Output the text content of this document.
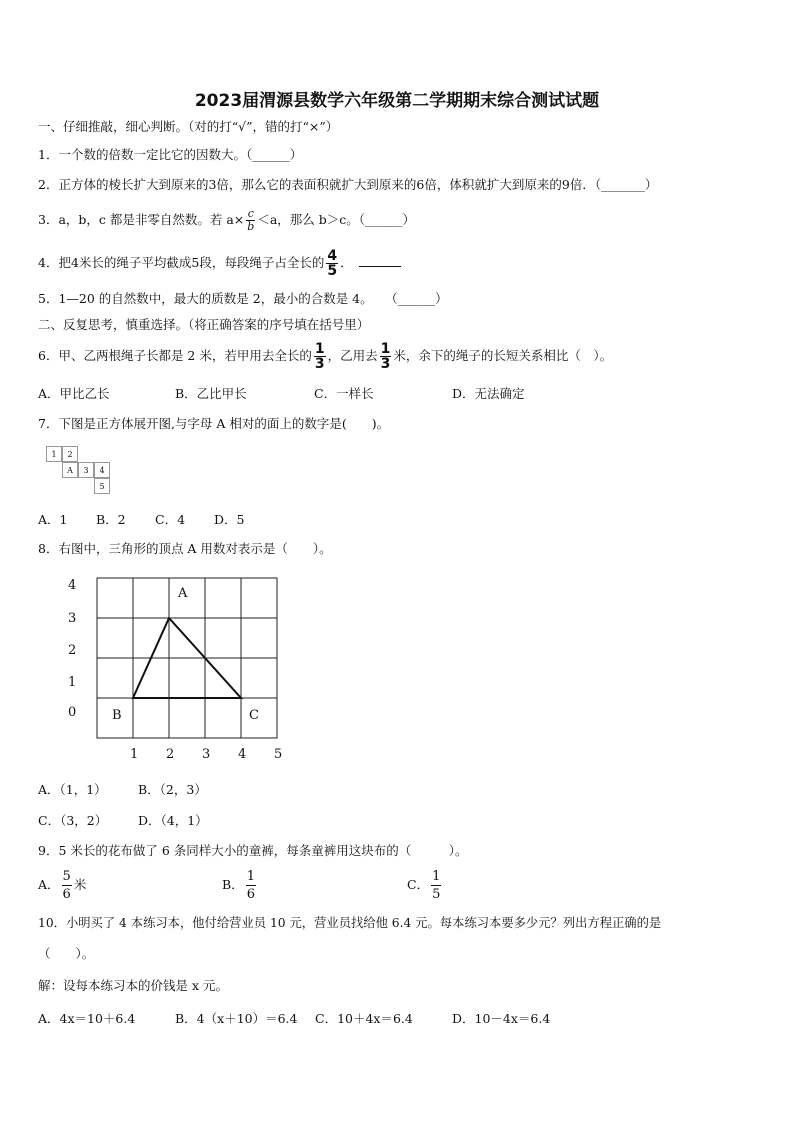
2023届渭源县数学六年级第二学期期末综合测试试题
一、仔细推敲，细心判断。（对的打“√”，错的打“×”）
1．一个数的倍数一定比它的因数大。（______）
2．正方体的棱长扩大到原来的3倍，那么它的表面积就扩大到原来的6倍，体积就扩大到原来的9倍．（_______）
3．a，b，c 都是非零自然数。若 $a\times \frac{c}{b} <a$，那么 b＞c。（______）
4．把4米长的绳子平均截成5段，每段绳子占全长的 $\frac{4}{5}$ ．
5．1—20 的自然数中，最大的质数是 2，最小的合数是 4。　　（______）
二、反复思考，慎重选择。（将正确答案的序号填在括号里）
6．甲、乙两根绳子长都是 2 米，若甲用去全长的 $\frac{1}{3}$ ，乙用去 $\frac{1}{3}$ 米，余下的绳子的长短关系相比（　）。
A．甲比乙长	B．乙比甲长	C．一样长	D．无法确定
7．下图是正方体展开图,与字母 A 相对的面上的数字是(　　)。
1	2
A	3	4
5
A．1 B．2 C．4 D．5
8．右图中，三角形的顶点 A 用数对表示是（　　）。
4
3
2
1
0
1 2 3 4 5
A
B	C
A．（1，1）	B．（2，3）
C．（3，2） D．（4，1）
9．5 米长的花布做了 6 条同样大小的童裤，每条童裤用这块布的（　　　）。
A． $\frac{5}{6}$ 米	B． $\frac{1}{6}$	C． $\frac{1}{5}$
10．小明买了 4 本练习本，他付给营业员 10 元，营业员找给他 6.4 元。每本练习本要多少元？列出方程正确的是
（　　）。
解：设每本练习本的价钱是 x 元。
A．4x＝10＋6.4	B．4（x＋10）＝6.4 C．10＋4x＝6.4	D．10－4x＝6.4
